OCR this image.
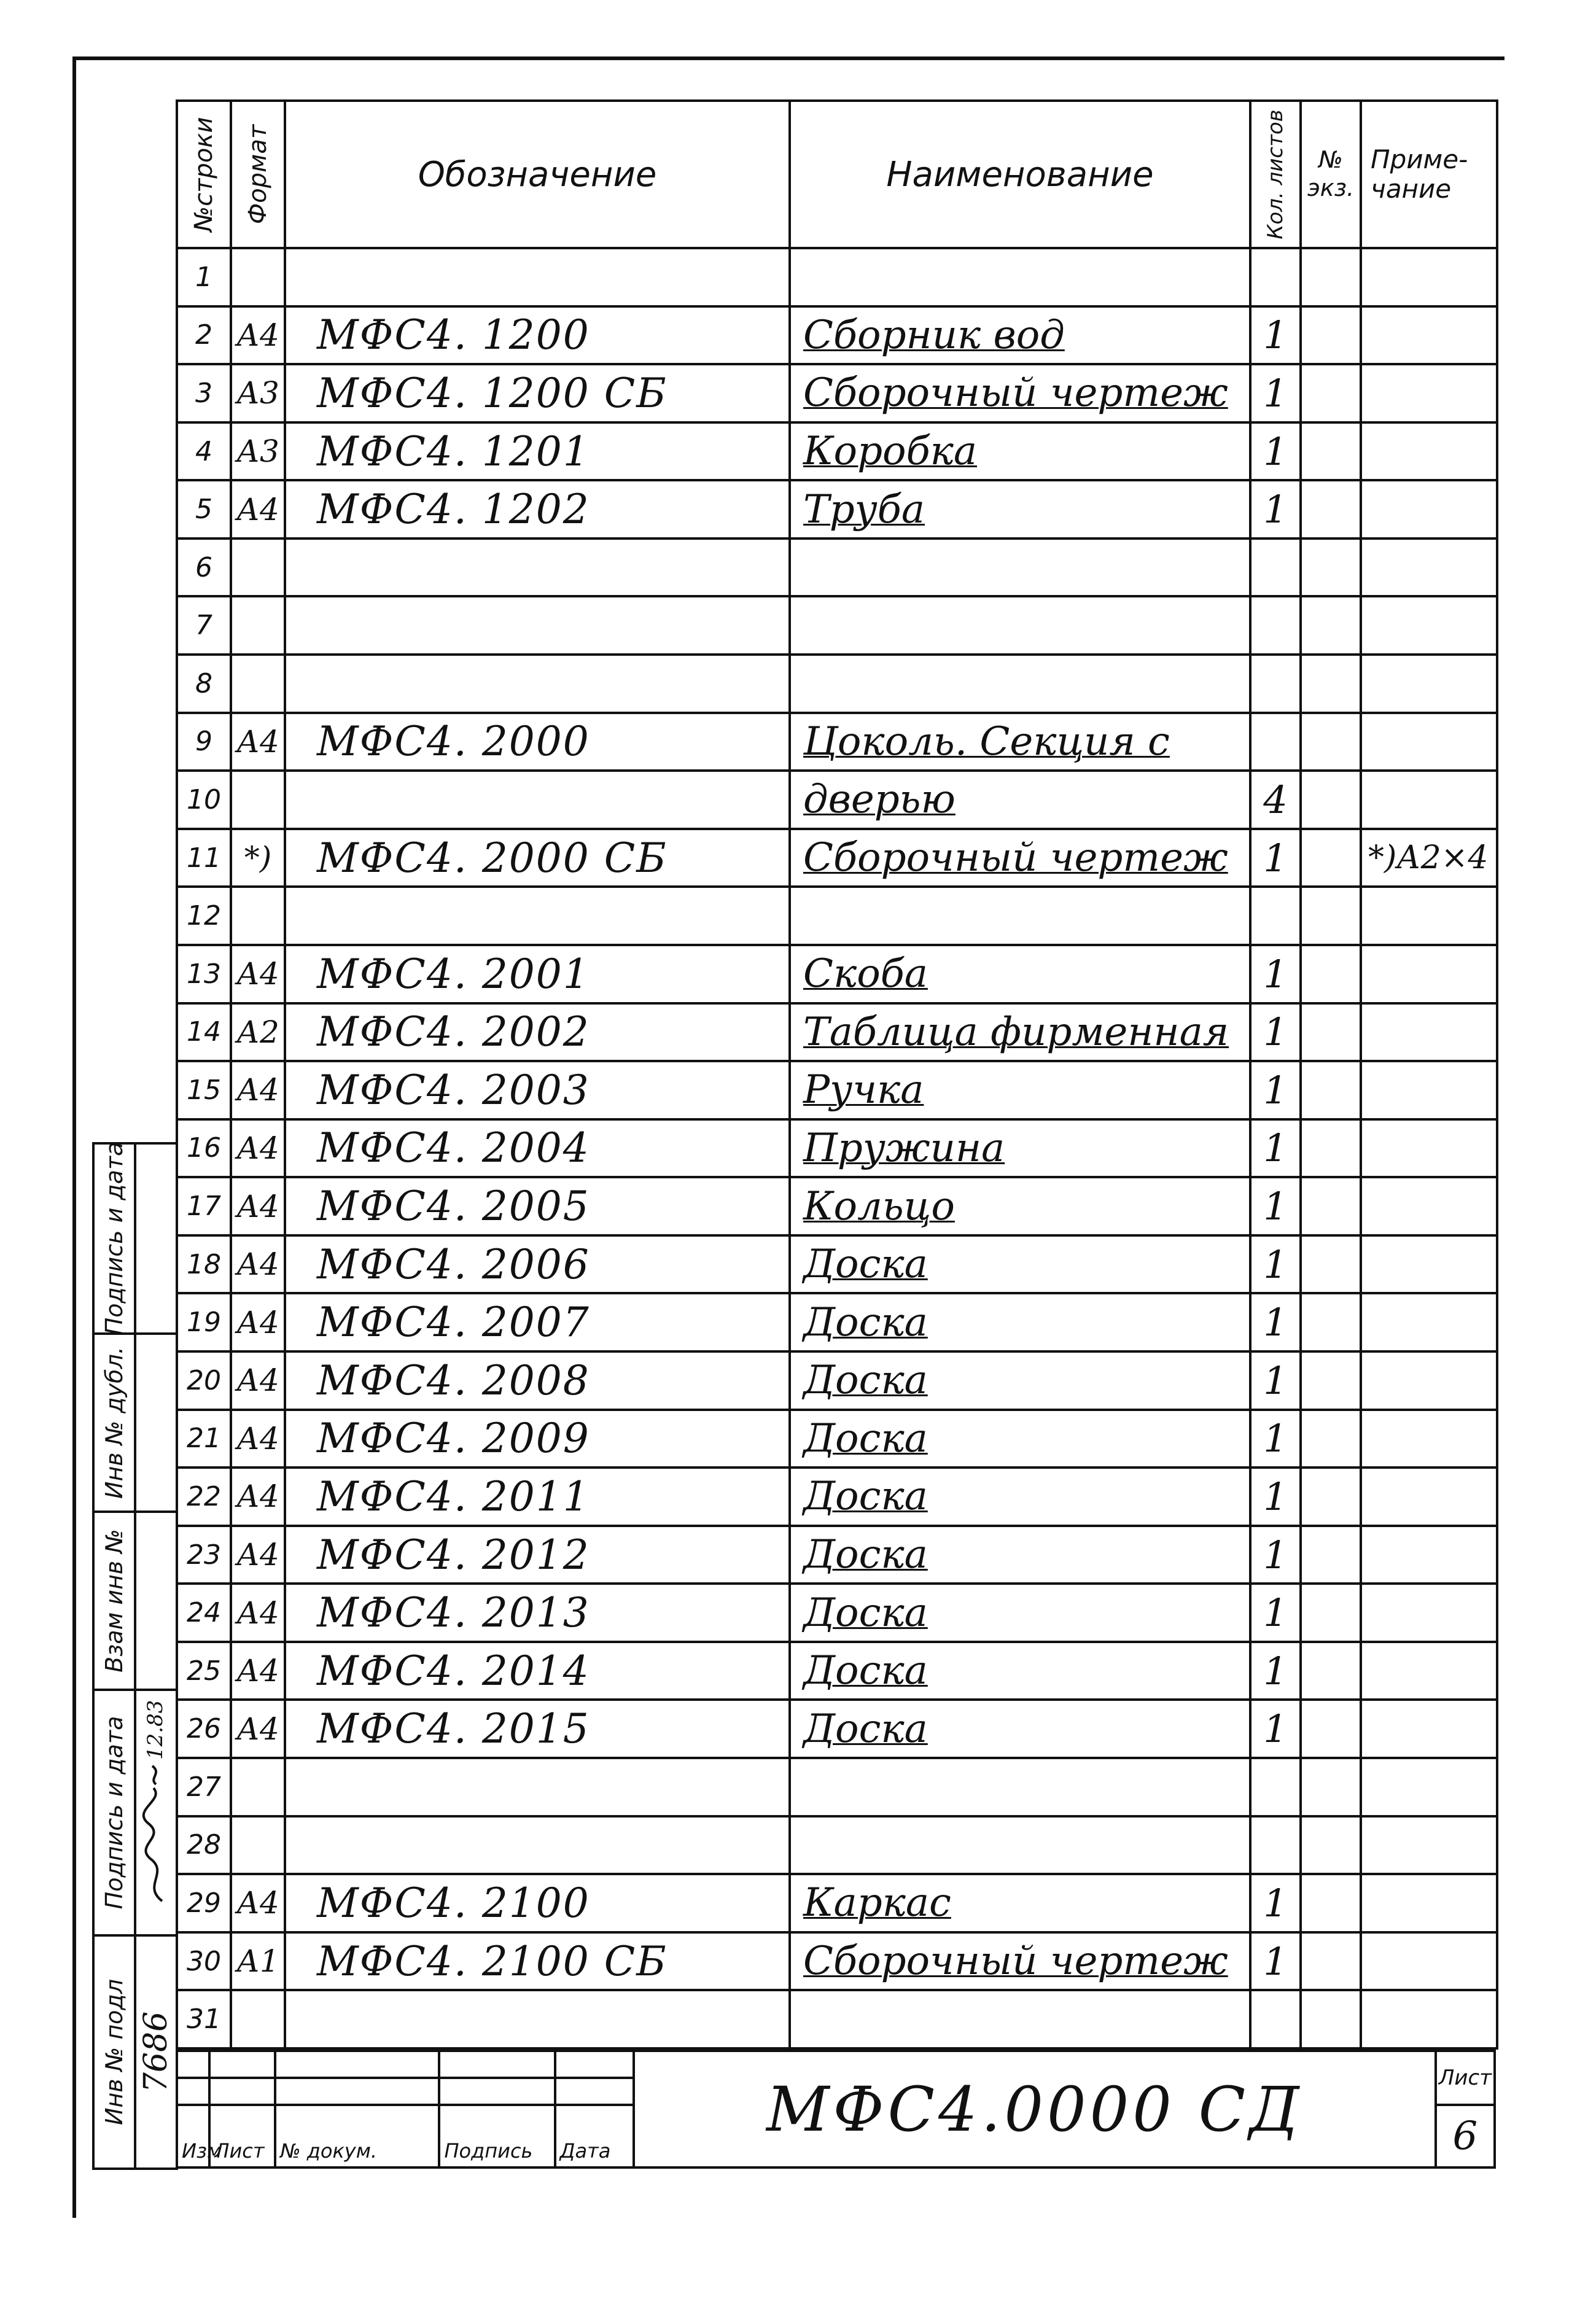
№строки	Формат	Обозначение	Наименование	Кол. листов	№ экз.	Приме- чание
1						
2	А4	МФС4. 1200	Сборник вод	1		
3	А3	МФС4. 1200 СБ	Сборочный чертеж	1		
4	А3	МФС4. 1201	Коробка	1		
5	А4	МФС4. 1202	Труба	1		
6						
7						
8						
9	А4	МФС4. 2000	Цоколь. Секция с			
10			дверью	4		
11	*)	МФС4. 2000 СБ	Сборочный чертеж	1		*)А2×4
12						
13	А4	МФС4. 2001	Скоба	1		
14	А2	МФС4. 2002	Таблица фирменная	1		
15	А4	МФС4. 2003	Ручка	1		
16	А4	МФС4. 2004	Пружина	1		
17	А4	МФС4. 2005	Кольцо	1		
18	А4	МФС4. 2006	Доска	1		
19	А4	МФС4. 2007	Доска	1		
20	А4	МФС4. 2008	Доска	1		
21	А4	МФС4. 2009	Доска	1		
22	А4	МФС4. 2011	Доска	1		
23	А4	МФС4. 2012	Доска	1		
24	А4	МФС4. 2013	Доска	1		
25	А4	МФС4. 2014	Доска	1		
26	А4	МФС4. 2015	Доска	1		
27						
28						
29	А4	МФС4. 2100	Каркас	1		
30	А1	МФС4. 2100 СБ	Сборочный чертеж	1		
31						
					МФС4.0000 СД	Лист

Изм	Лист	№ докум.	Подпись	Дата		6
Подпись и дата	

Инв № дубл.	

Взам инв №	

Подпись и дата	12.83

Инв № подл	7686
